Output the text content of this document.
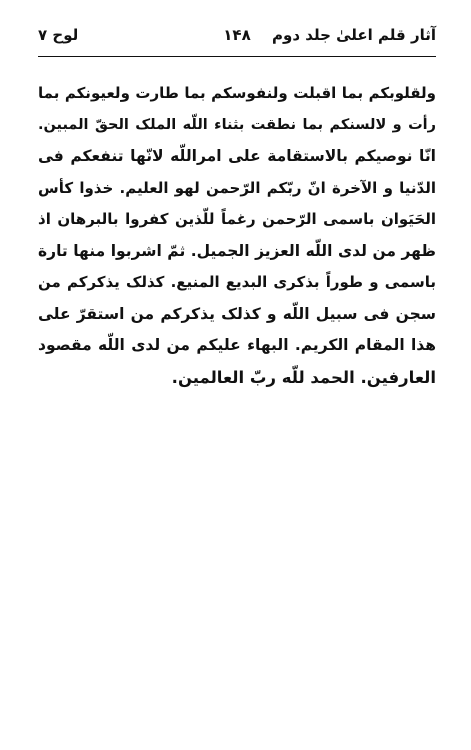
آثار قلم اعلیٰ جلد دوم
۱۴۸
لوح ۷
ولقلوبکم بما اقبلت ولنفوسکم بما طارت ولعیونکم بما
رأت و لالسنکم بما نطقت بثناء اللّه الملک الحقّ المبین.
انّا نوصیکم بالاستقامة علی امراللّه لانّها تنفعکم فی
الدّنیا و الآخرة انّ ربّکم الرّحمن لهو العلیم. خذوا کأس
الحَیَوان باسمی الرّحمن رغماً للّذین کفروا بالبرهان اذ
ظهر من لدی اللّه العزیز الجمیل. ثمّ اشربوا منها تارة
باسمی و طوراً بذکری البدیع المنیع. کذلک یذکرکم من
سجن فی سبیل اللّه و کذلک یذکرکم من استقرّ علی
هذا المقام الکریم. البهاء علیکم من لدی اللّه مقصود
العارفین. الحمد للّه ربّ العالمین.
